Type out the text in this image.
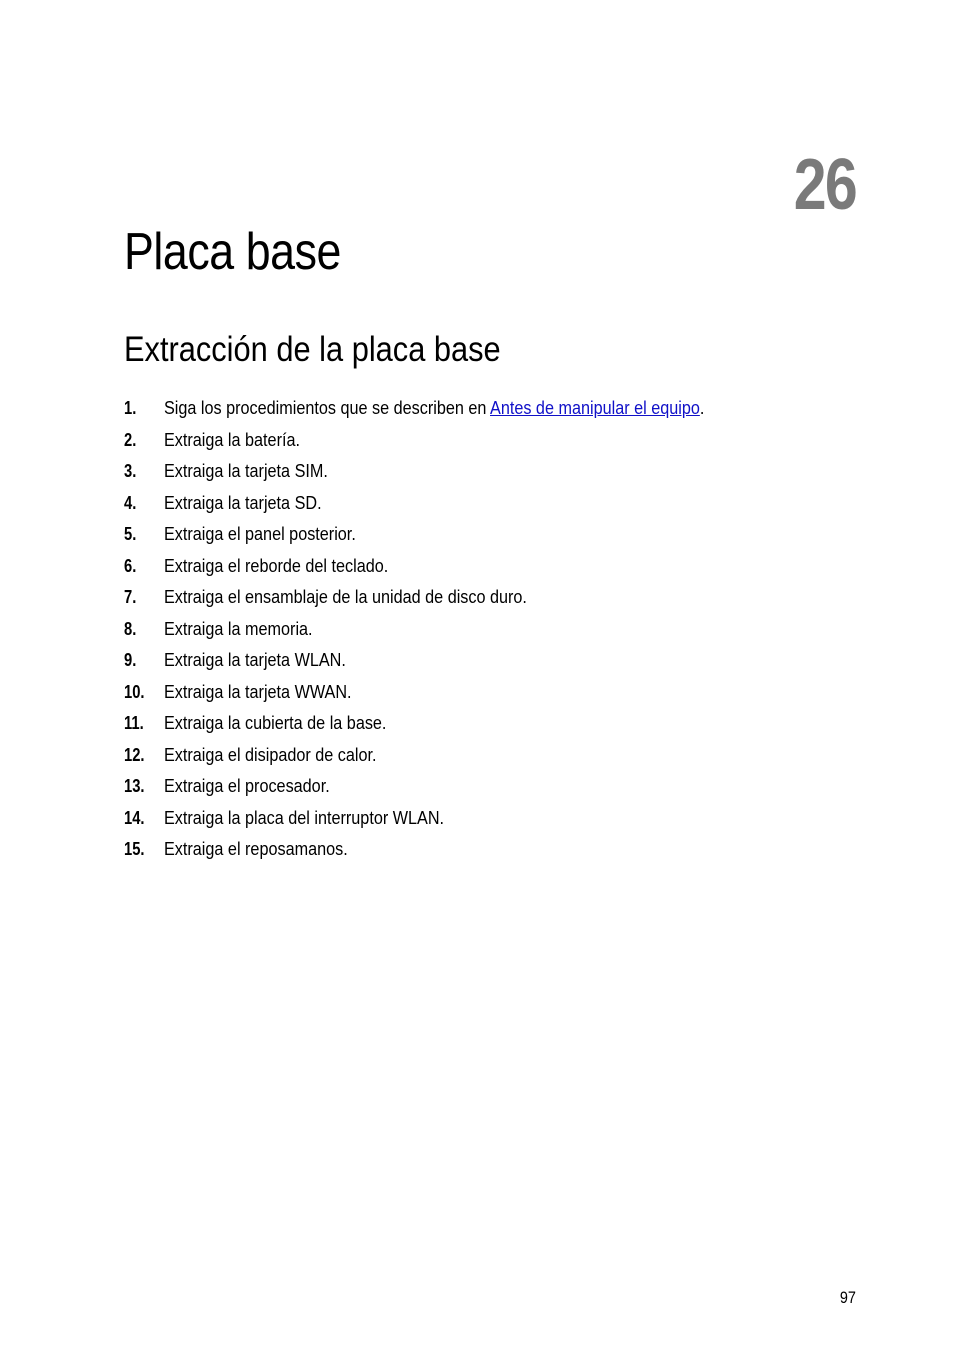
26
Placa base
Extracción de la placa base
1. Siga los procedimientos que se describen en Antes de manipular el equipo.
2. Extraiga la batería.
3. Extraiga la tarjeta SIM.
4. Extraiga la tarjeta SD.
5. Extraiga el panel posterior.
6. Extraiga el reborde del teclado.
7. Extraiga el ensamblaje de la unidad de disco duro.
8. Extraiga la memoria.
9. Extraiga la tarjeta WLAN.
10. Extraiga la tarjeta WWAN.
11. Extraiga la cubierta de la base.
12. Extraiga el disipador de calor.
13. Extraiga el procesador.
14. Extraiga la placa del interruptor WLAN.
15. Extraiga el reposamanos.
97
